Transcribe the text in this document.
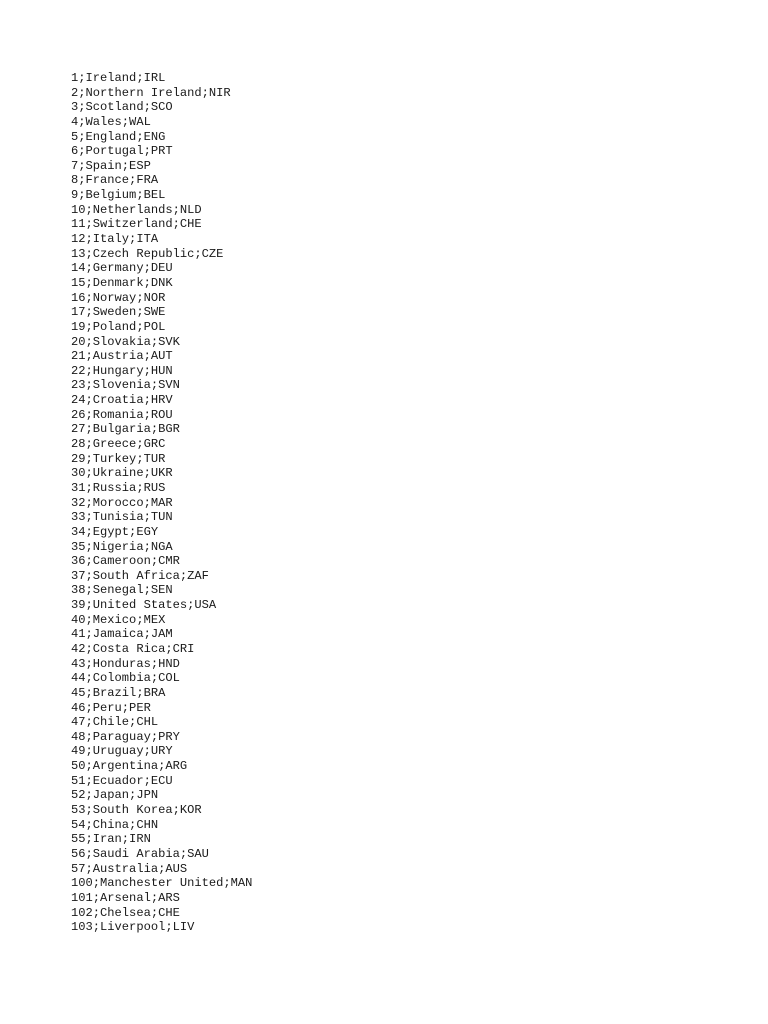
1;Ireland;IRL
2;Northern Ireland;NIR
3;Scotland;SCO
4;Wales;WAL
5;England;ENG
6;Portugal;PRT
7;Spain;ESP
8;France;FRA
9;Belgium;BEL
10;Netherlands;NLD
11;Switzerland;CHE
12;Italy;ITA
13;Czech Republic;CZE
14;Germany;DEU
15;Denmark;DNK
16;Norway;NOR
17;Sweden;SWE
19;Poland;POL
20;Slovakia;SVK
21;Austria;AUT
22;Hungary;HUN
23;Slovenia;SVN
24;Croatia;HRV
26;Romania;ROU
27;Bulgaria;BGR
28;Greece;GRC
29;Turkey;TUR
30;Ukraine;UKR
31;Russia;RUS
32;Morocco;MAR
33;Tunisia;TUN
34;Egypt;EGY
35;Nigeria;NGA
36;Cameroon;CMR
37;South Africa;ZAF
38;Senegal;SEN
39;United States;USA
40;Mexico;MEX
41;Jamaica;JAM
42;Costa Rica;CRI
43;Honduras;HND
44;Colombia;COL
45;Brazil;BRA
46;Peru;PER
47;Chile;CHL
48;Paraguay;PRY
49;Uruguay;URY
50;Argentina;ARG
51;Ecuador;ECU
52;Japan;JPN
53;South Korea;KOR
54;China;CHN
55;Iran;IRN
56;Saudi Arabia;SAU
57;Australia;AUS
100;Manchester United;MAN
101;Arsenal;ARS
102;Chelsea;CHE
103;Liverpool;LIV
